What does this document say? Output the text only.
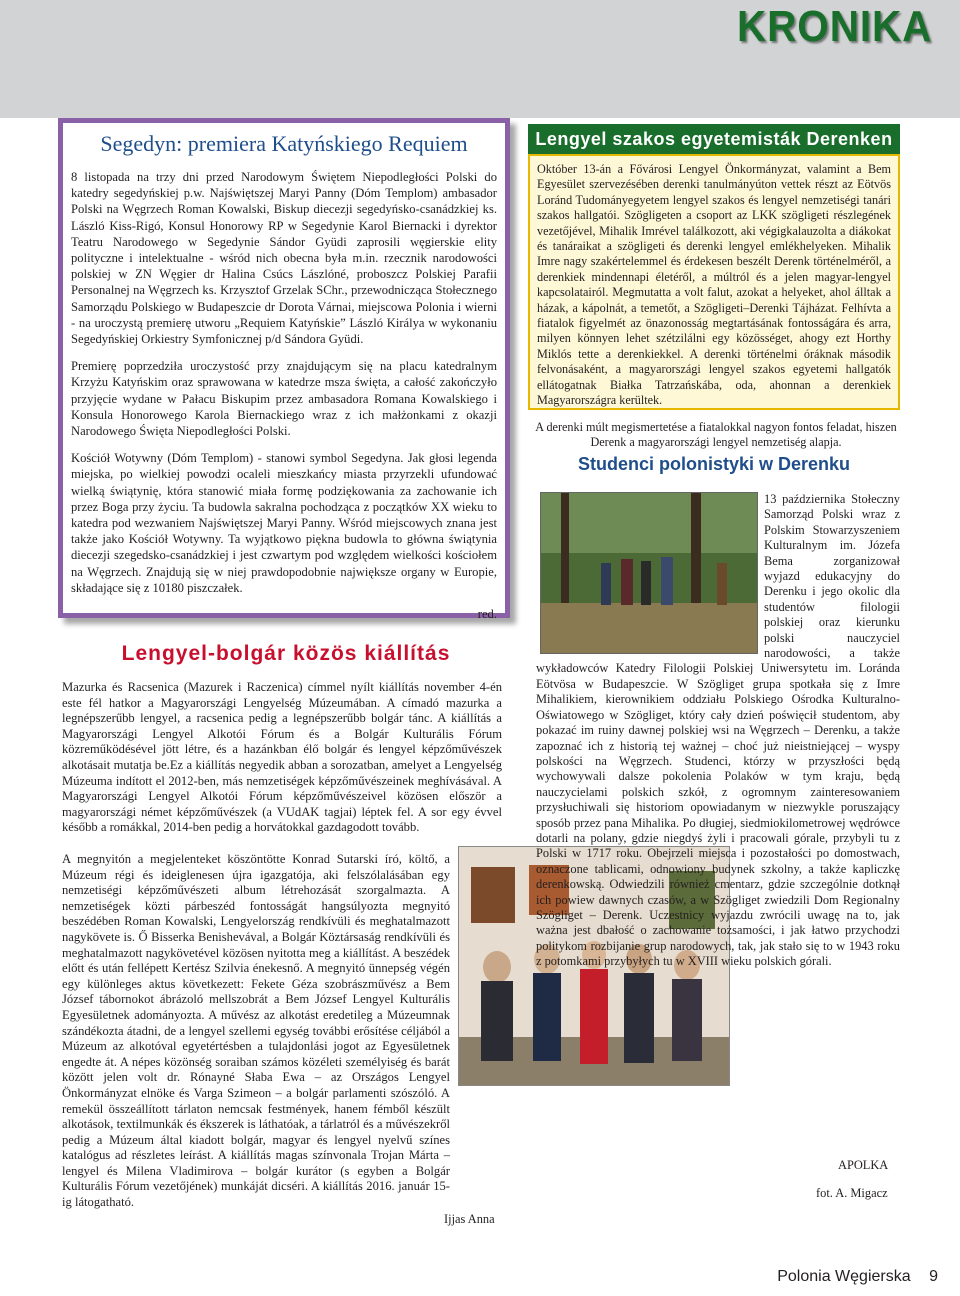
KRONIKA
Segedyn: premiera Katyńskiego Requiem

8 listopada na trzy dni przed Narodowym Świętem Niepodległości Polski do katedry segedyńskiej p.w. Najświętszej Maryi Panny (Dóm Templom) ambasador Polski na Węgrzech Roman Kowalski, Biskup diecezji segedyńsko-csanádzkiej ks. László Kiss-Rigó, Konsul Honorowy RP w Segedynie Karol Biernacki i dyrektor Teatru Narodowego w Segedynie Sándor Gyüdi zaprosili węgierskie elity polityczne i intelektualne - wśród nich obecna była m.in. rzecznik narodowości polskiej w ZN Węgier dr Halina Csúcs Lászlóné, proboszcz Polskiej Parafii Personalnej na Węgrzech ks. Krzysztof Grzelak SChr., przewodnicząca Stołecznego Samorządu Polskiego w Budapeszcie dr Dorota Várnai, miejscowa Polonia i wierni - na uroczystą premierę utworu „Requiem Katyńskie” László Királya w wykonaniu Segedyńskiej Orkiestry Symfonicznej p/d Sándora Gyüdi.

Premierę poprzedziła uroczystość przy znajdującym się na placu katedralnym Krzyżu Katyńskim oraz sprawowana w katedrze msza święta, a całość zakończyło przyjęcie wydane w Pałacu Biskupim przez ambasadora Romana Kowalskiego i Konsula Honorowego Karola Biernackiego wraz z ich małżonkami z okazji Narodowego Święta Niepodległości Polski.

Kościół Wotywny (Dóm Templom) - stanowi symbol Segedyna. Jak głosi legenda miejska, po wielkiej powodzi ocaleli mieszkańcy miasta przyrzekli ufundować wielką świątynię, która stanowić miała formę podziękowania za zachowanie ich przez Boga przy życiu. Ta budowla sakralna pochodząca z początków XX wieku to katedra pod wezwaniem Najświętszej Maryi Panny. Wśród miejscowych znana jest także jako Kościół Wotywny. Ta wyjątkowo piękna budowla to główna świątynia diecezji szegedsko-csanádzkiej i jest czwartym pod względem wielkości kościołem na Węgrzech. Znajdują się w niej prawdopodobnie największe organy w Europie, składające się z 10180 piszczałek.

red.
Lengyel-bolgár közös kiállítás

Mazurka és Racsenica (Mazurek i Raczenica) címmel nyílt kiállítás november 4-én este fél hatkor a Magyarországi Lengyelség Múzeumában. A címadó mazurka a legnépszerűbb lengyel, a racsenica pedig a legnépszerűbb bolgár tánc. A kiállítás a Magyarországi Lengyel Alkotói Fórum és a Bolgár Kulturális Fórum közreműködésével jött létre, és a hazánkban élő bolgár és lengyel képzőművészek alkotásait mutatja be.Ez a kiállítás negyedik abban a sorozatban, amelyet a Lengyelség Múzeuma indított el 2012-ben, más nemzetiségek képzőművészeinek meghívásával. A Magyarországi Lengyel Alkotói Fórum képzőművészeivel közösen először a magyarországi német képzőművészek (a VUdAK tagjai) léptek fel. A sor egy évvel később a romákkal, 2014-ben pedig a horvátokkal gazdagodott tovább.

A megnyitón a megjelenteket köszöntötte Konrad Sutarski író, költő, a Múzeum régi és ideiglenesen újra igazgatója, aki felszólalásában egy nemzetiségi képzőművészeti album létrehozását szorgalmazta. A nemzetiségek közti párbeszéd fontosságát hangsúlyozta megnyitó beszédében Roman Kowalski, Lengyelország rendkívüli és meghatalmazott nagykövete is. Ő Bisserka Benishevával, a Bolgár Köztársaság rendkívüli és meghatalmazott nagykövetével közösen nyitotta meg a kiállítást. A beszédek előtt és után fellépett Kertész Szilvia énekesnő. A megnyitó ünnepség végén egy különleges aktus következett: Fekete Géza szobrászművész a Bem József tábornokot ábrázoló mellszobrát a Bem József Lengyel Kulturális Egyesületnek adományozta. A művész az alkotást eredetileg a Múzeumnak szándékozta átadni, de a lengyel szellemi egység további erősítése céljából a Múzeum az alkotóval egyetértésben a tulajdonlási jogot az Egyesületnek engedte át. A népes közönség soraiban számos közéleti személyiség és barát között jelen volt dr. Rónayné Słaba Ewa – az Országos Lengyel Önkormányzat elnöke és Varga Szimeon – a bolgár parlamenti szószóló. A remekül összeállított tárlaton nemcsak festmények, hanem fémből készült alkotások, textilmunkák és ékszerek is láthatóak, a tárlatról és a művészekről pedig a Múzeum által kiadott bolgár, magyar és lengyel nyelvű színes katalógus ad részletes leírást. A kiállítás magas színvonala Trojan Márta – lengyel és Milena Vladimirova – bolgár kurátor (s egyben a Bolgár Kulturális Fórum vezetőjének) munkáját dicséri. A kiállítás 2016. január 15-ig látogatható.

Ijjas Anna
Lengyel szakos egyetemisták Derenken
Október 13-án a Fővárosi Lengyel Önkormányzat, valamint a Bem Egyesület szervezésében derenki tanulmányúton vettek részt az Eötvös Loránd Tudományegyetem lengyel szakos és lengyel nemzetiségi tanári szakos hallgatói. Szögligeten a csoport az LKK szögligeti részlegének vezetőjével, Mihalik Imrével találkozott, aki végigkalauzolta a diákokat és tanáraikat a szögligeti és derenki lengyel emlékhelyeken. Mihalik Imre nagy szakértelemmel és érdekesen beszélt Derenk történelméről, a derenkiek mindennapi életéről, a múltról és a jelen magyar-lengyel kapcsolatairól. Megmutatta a volt falut, azokat a helyeket, ahol álltak a házak, a kápolnát, a temetőt, a Szögligeti–Derenki Tájházat. Felhívta a fiatalok figyelmét az önazonosság megtartásának fontosságára és arra, milyen könnyen lehet szétzilálni egy közösséget, ahogy ezt Horthy Miklós tette a derenkiekkel. A derenki történelmi óráknak második felvonásaként, a magyarországi lengyel szakos egyetemi hallgatók ellátogatnak Białka Tatrzańskába, oda, ahonnan a derenkiek Magyarországra kerültek.
A derenki múlt megismertetése a fiatalokkal nagyon fontos feladat, hiszen Derenk a magyarországi lengyel nemzetiség alapja.
Studenci polonistyki w Derenku

13 października Stołeczny Samorząd Polski wraz z Polskim Stowarzyszeniem Kulturalnym im. Józefa Bema zorganizował wyjazd edukacyjny do Derenku i jego okolic dla studentów filologii polskiej oraz kierunku polski nauczyciel narodowości, a także wykładowców Katedry Filologii Polskiej Uniwersytetu im. Loránda Eötvösa w Budapeszcie. W Szögliget grupa spotkała się z Imre Mihalikiem, kierownikiem oddziału Polskiego Ośrodka Kulturalno-Oświatowego w Szögliget, który cały dzień poświęcił studentom, aby pokazać im ruiny dawnej polskiej wsi na Węgrzech – Derenku, a także zapoznać ich z historią tej ważnej – choć już nieistniejącej – wyspy polskości na Węgrzech. Studenci, którzy w przyszłości będą wychowywali dalsze pokolenia Polaków w tym kraju, będą nauczycielami polskich szkół, z ogromnym zainteresowaniem przysłuchiwali się historiom opowiadanym w niezwykle poruszający sposób przez pana Mihalika. Po długiej, siedmiokilometrowej wędrówce dotarli na polany, gdzie niegdyś żyli i pracowali górale, przybyli tu z Polski w 1717 roku. Obejrzeli miejsca i pozostałości po domostwach, oznaczone tablicami, odnowiony budynek szkolny, a także kapliczkę derenkowską. Odwiedzili również cmentarz, gdzie szczególnie dotknął ich powiew dawnych czasów, a w Szögliget zwiedzili Dom Regionalny Szögliget – Derenk. Uczestnicy wyjazdu zwrócili uwagę na to, jak ważna jest dbałość o zachowanie tożsamości, i jak łatwo przychodzi politykom rozbijanie grup narodowych, tak, jak stało się to w 1943 roku z potomkami przybyłych tu w XVIII wieku polskich górali.

APOLKA
fot. A. Migacz
Polonia Węgierska 9
